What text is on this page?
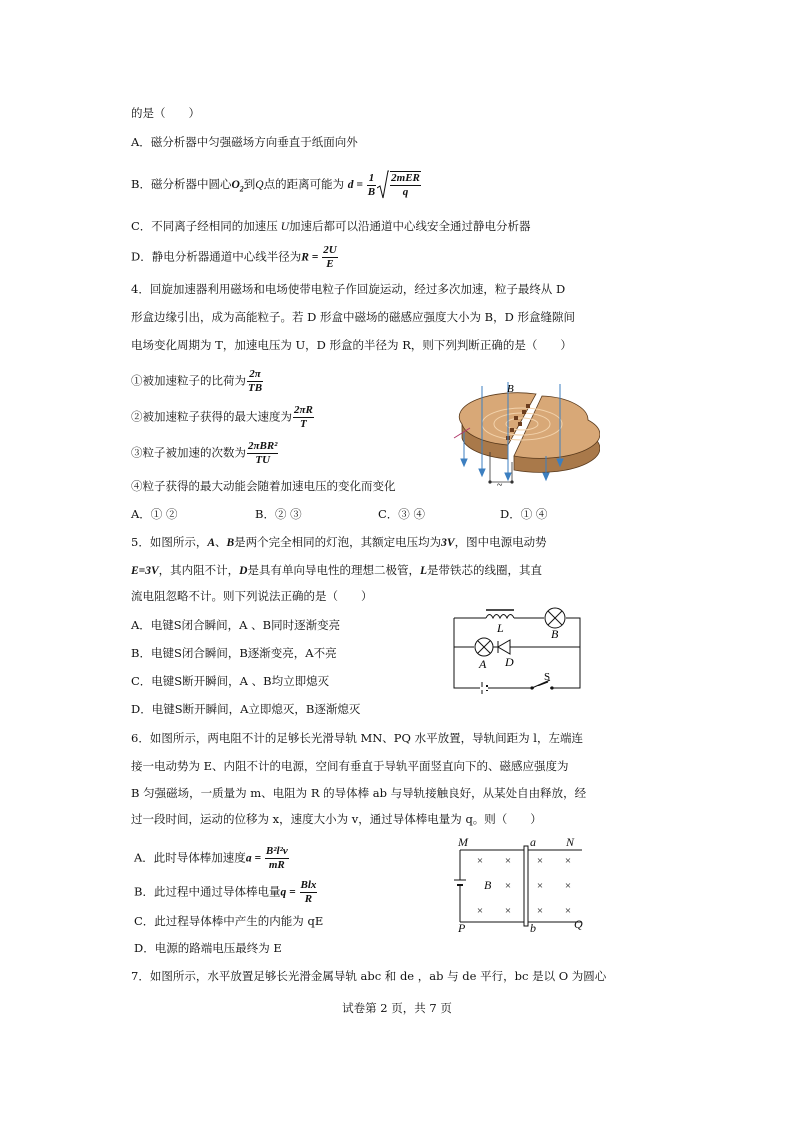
的是（　　）
A．磁分析器中匀强磁场方向垂直于纸面向外
B．磁分析器中圆心$O_2$到Q点的距离可能为 $d = \frac{1}{B} \frac{\text{2mER}}{q}$
C．不同离子经相同的加速压 U加速后都可以沿通道中心线安全通过静电分析器
D．静电分析器通道中心线半径为$R = \frac{2U}{E}$
4．回旋加速器利用磁场和电场使带电粒子作回旋运动，经过多次加速，粒子最终从 D
形盒边缘引出，成为高能粒子。若 D 形盒中磁场的磁感应强度大小为 B，D 形盒缝隙间
电场变化周期为 T，加速电压为 U，D 形盒的半径为 R，则下列判断正确的是（　　）
①被加速粒子的比荷为 $\frac{2\pi}{TB}$
②被加速粒子获得的最大速度为 $\frac{2\pi R}{T}$
③粒子被加速的次数为 $\frac{\text{2πBR²}}{TU}$
④粒子获得的最大动能会随着加速电压的变化而变化
A．① ②	B．② ③	C．③ ④	D．① ④
B
~
5．如图所示，A、B是两个完全相同的灯泡，其额定电压均为3V，图中电源电动势
E=3V，其内阻不计，D是具有单向导电性的理想二极管，L是带铁芯的线圈，其直
流电阻忽略不计。则下列说法正确的是（　　）
A．电键S闭合瞬间，A 、B同时逐渐变亮
B．电键S闭合瞬间，B逐渐变亮，A不亮
C．电键S断开瞬间，A 、B均立即熄灭
D．电键S断开瞬间，A立即熄灭，B逐渐熄灭
L	B
A D
S
6．如图所示，两电阻不计的足够长光滑导轨 MN、PQ 水平放置，导轨间距为 l，左端连
接一电动势为 E、内阻不计的电源，空间有垂直于导轨平面竖直向下的、磁感应强度为
B 匀强磁场，一质量为 m、电阻为 R 的导体棒 ab 与导轨接触良好，从某处自由释放，经
过一段时间，运动的位移为 x，速度大小为 v，通过导体棒电量为 q。则（　　）
A．此时导体棒加速度$a = \frac{\text{B²l²v}}{mR}$
B．此过程中通过导体棒电量$q = \frac{\text{Blx}}{R}$
C．此过程导体棒中产生的内能为 qE
D．电源的路端电压最终为 E
× × × ×
× × ×
× × × ×
M	N
P	Q
a
b
B
7．如图所示，水平放置足够长光滑金属导轨 abc 和 de ，ab 与 de 平行，bc 是以 O 为圆心
试卷第 2 页，共 7 页
